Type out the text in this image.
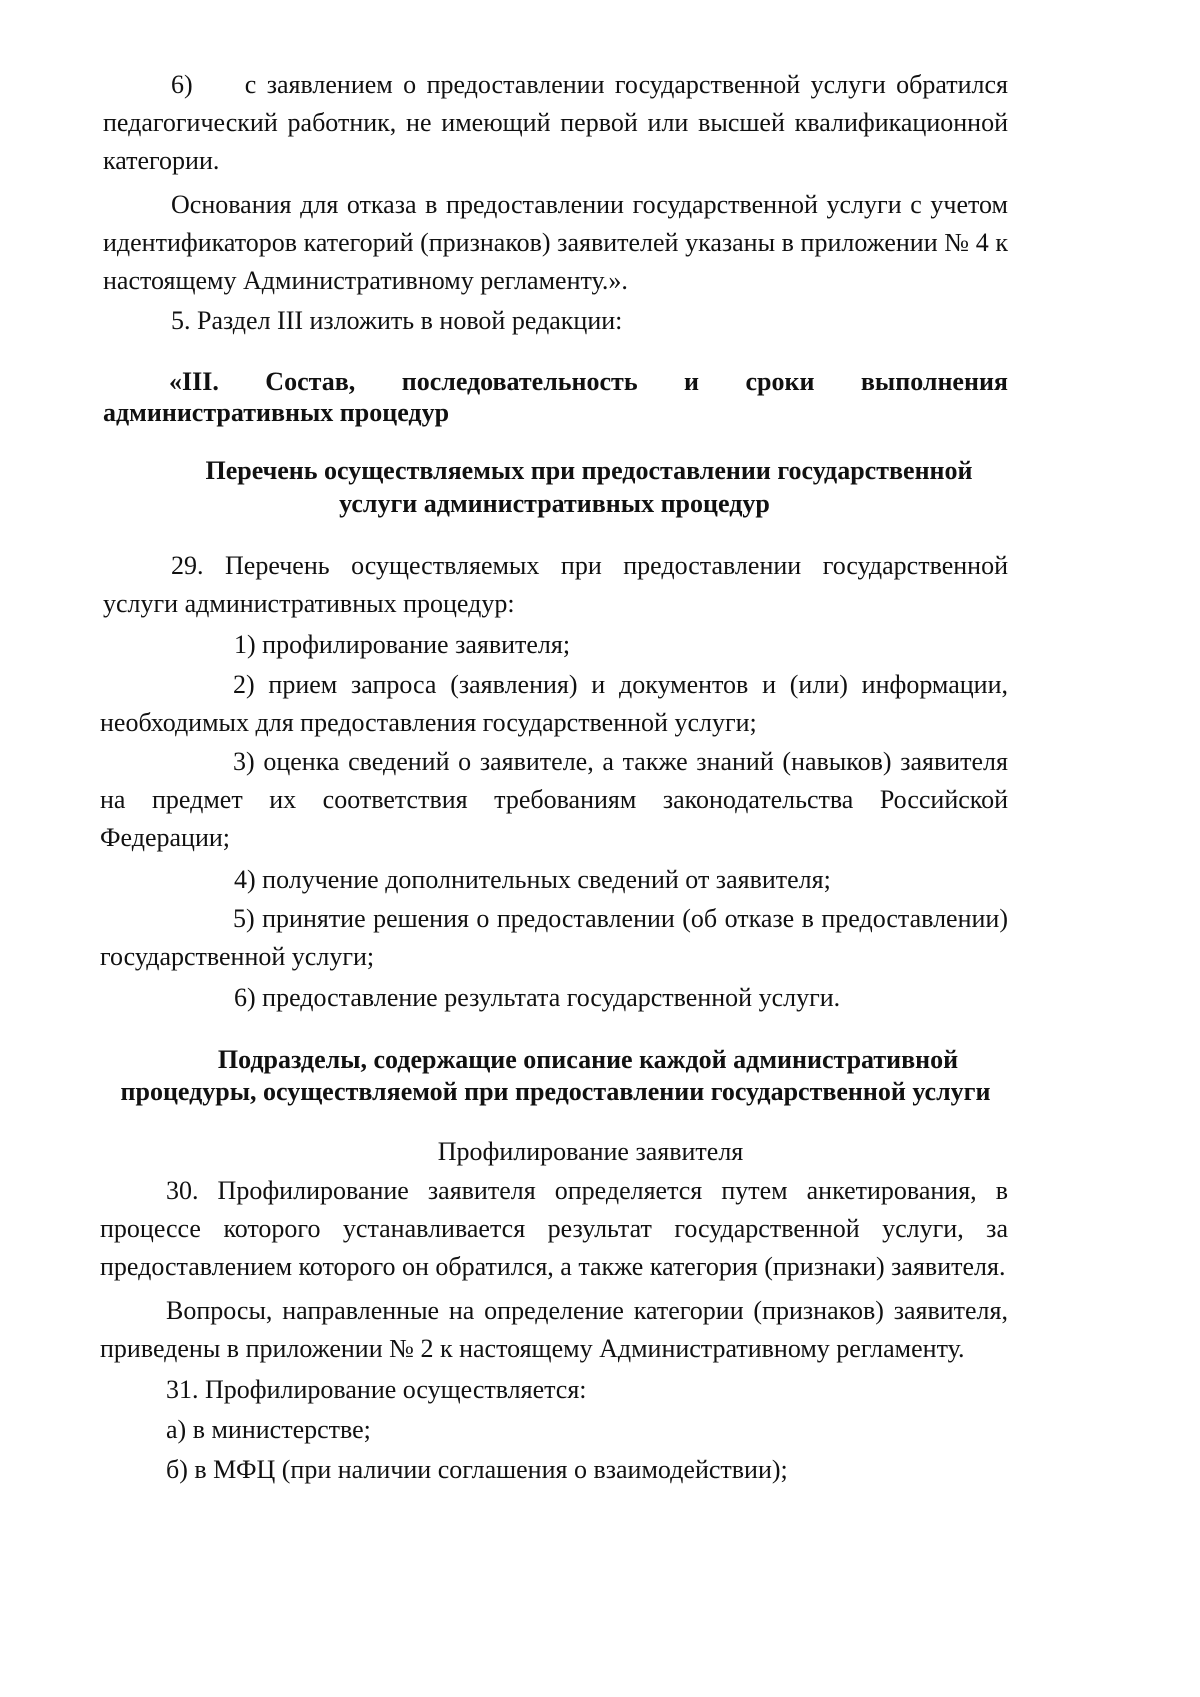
6)     с заявлением о предоставлении государственной услуги обратился педагогический работник, не имеющий первой или высшей квалификационной категории.
Основания для отказа в предоставлении государственной услуги с учетом идентификаторов категорий (признаков) заявителей указаны в приложении № 4 к настоящему Административному регламенту.».
5. Раздел III изложить в новой редакции:
«III. Состав, последовательность и сроки выполнения
административных процедур
Перечень осуществляемых при предоставлении государственной
услуги административных процедур
29. Перечень осуществляемых при предоставлении государственной услуги административных процедур:
1) профилирование заявителя;
2) прием запроса (заявления) и документов и (или) информации, необходимых для предоставления государственной услуги;
3) оценка сведений о заявителе, а также знаний (навыков) заявителя на предмет их соответствия требованиям законодательства Российской Федерации;
4) получение дополнительных сведений от заявителя;
5) принятие решения о предоставлении (об отказе в предоставлении) государственной услуги;
6) предоставление результата государственной услуги.
Подразделы, содержащие описание каждой административной
процедуры, осуществляемой при предоставлении государственной услуги
Профилирование заявителя
30. Профилирование заявителя определяется путем анкетирования, в процессе которого устанавливается результат государственной услуги, за предоставлением которого он обратился, а также категория (признаки) заявителя.
Вопросы, направленные на определение категории (признаков) заявителя, приведены в приложении № 2 к настоящему Административному регламенту.
31. Профилирование осуществляется:
а) в министерстве;
б) в МФЦ (при наличии соглашения о взаимодействии);
